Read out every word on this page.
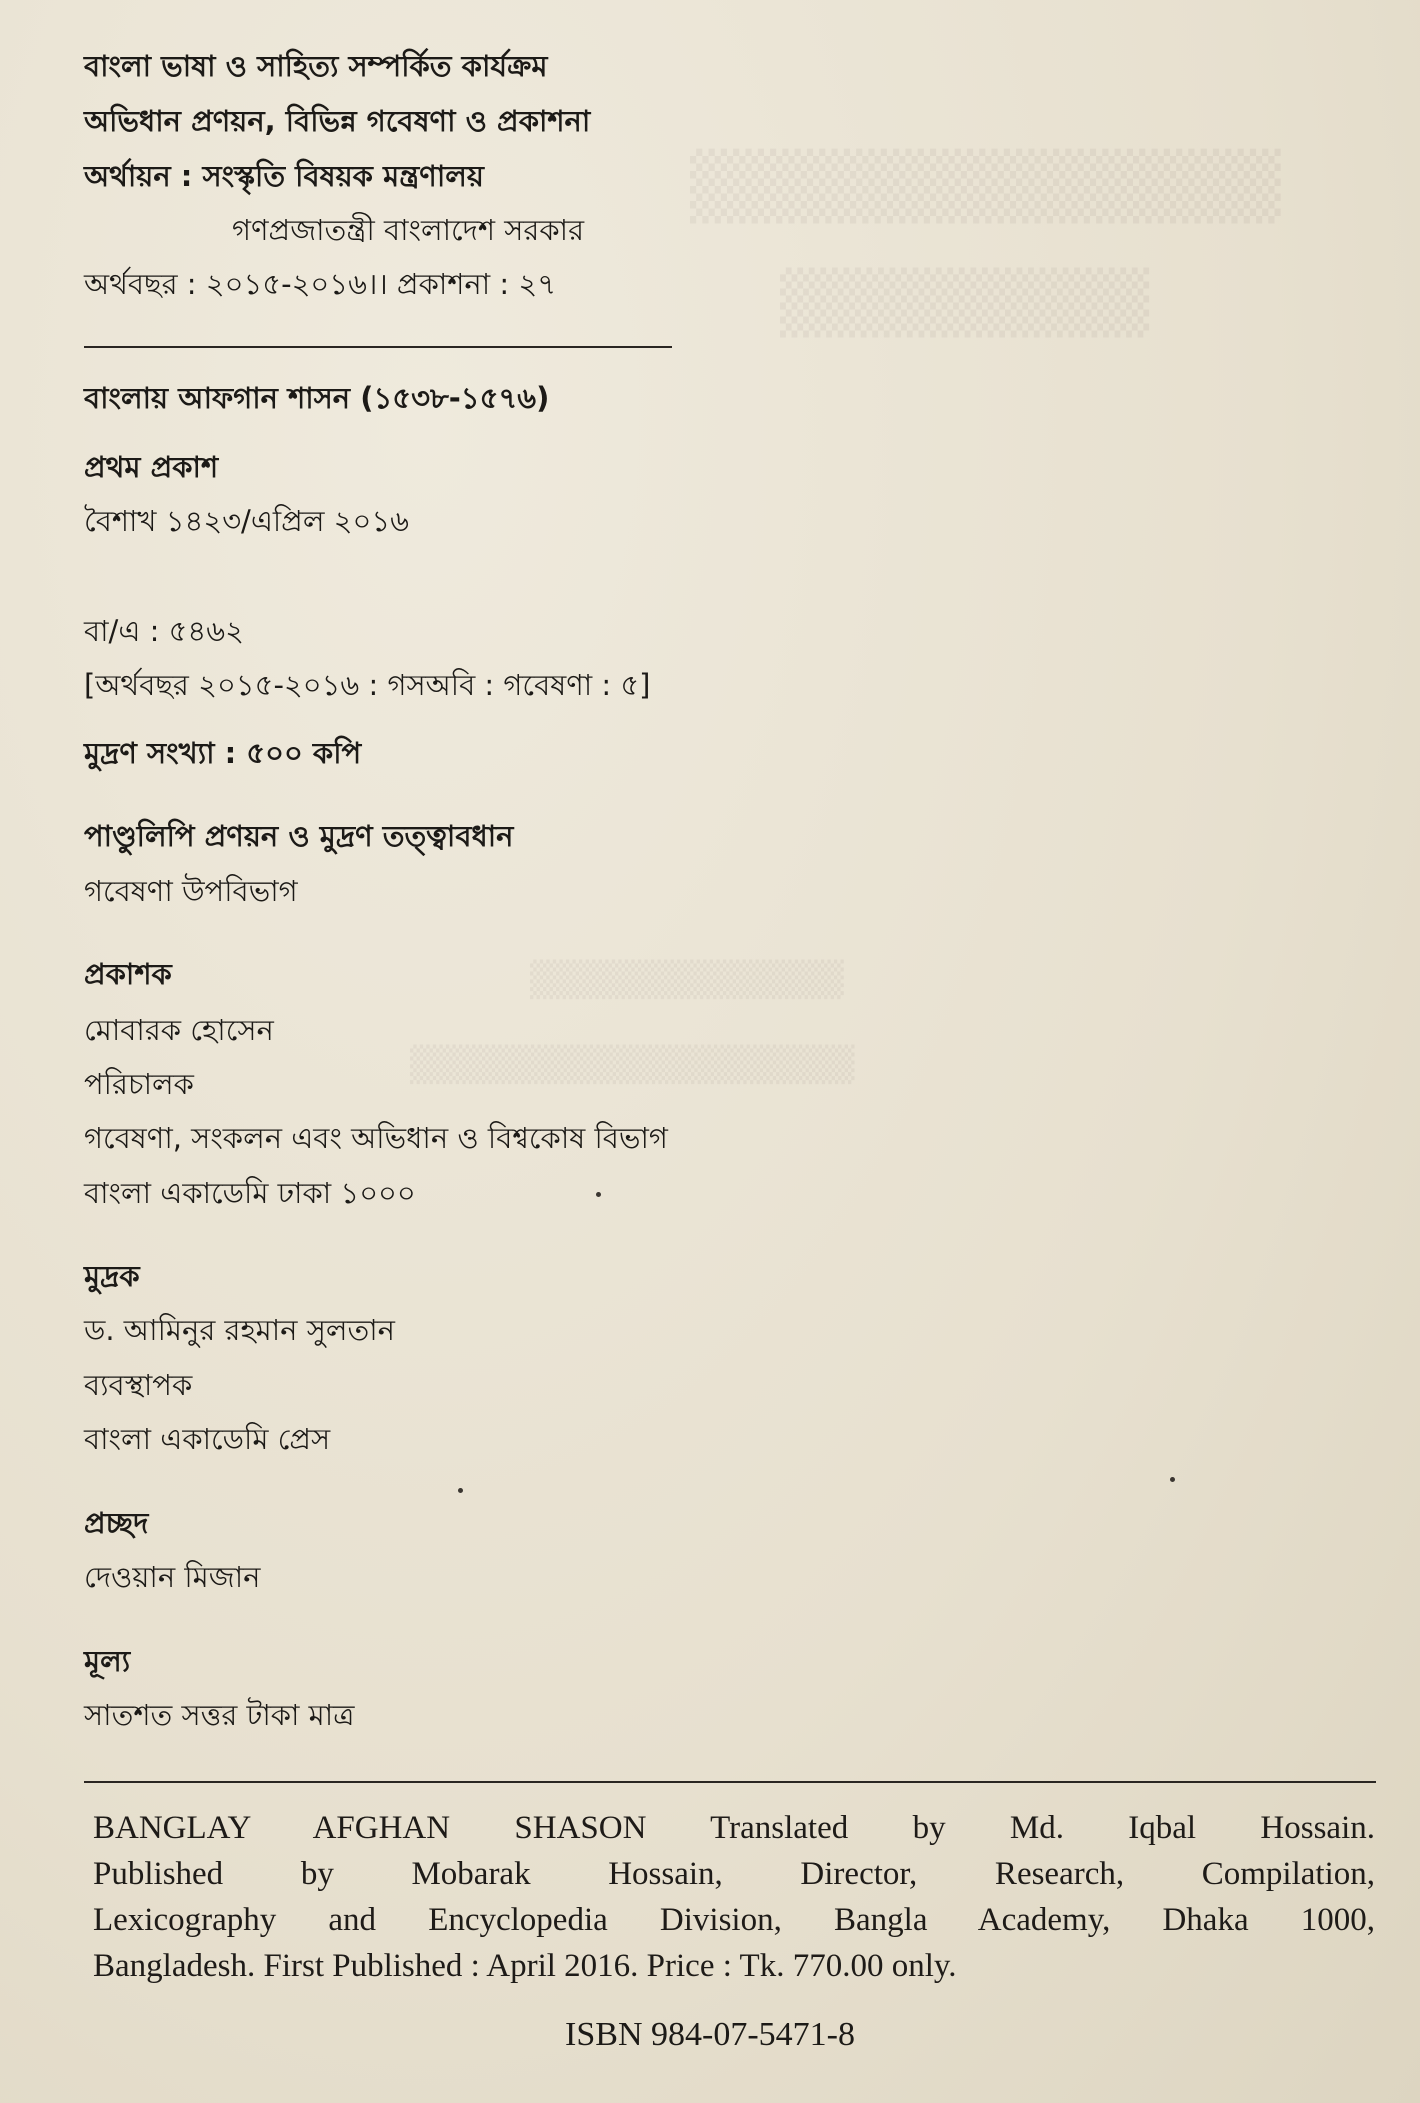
▒▒▒▒▒▒▒▒▒▒▒▒
▒▒▒▒▒▒▒▒
▒▒▒▒▒▒▒▒▒▒▒▒
▒▒▒▒▒▒▒▒▒▒▒▒▒▒▒▒▒
বাংলা ভাষা ও সাহিত্য সম্পর্কিত কার্যক্রম
অভিধান প্রণয়ন, বিভিন্ন গবেষণা ও প্রকাশনা
অর্থায়ন : সংস্কৃতি বিষয়ক মন্ত্রণালয়
গণপ্রজাতন্ত্রী বাংলাদেশ সরকার
অর্থবছর : ২০১৫-২০১৬।। প্রকাশনা : ২৭
বাংলায় আফগান শাসন (১৫৩৮-১৫৭৬)
প্রথম প্রকাশ
বৈশাখ ১৪২৩/এপ্রিল ২০১৬
বা/এ : ৫৪৬২
[অর্থবছর ২০১৫-২০১৬ : গসঅবি : গবেষণা : ৫]
মুদ্রণ সংখ্যা : ৫০০ কপি
পাণ্ডুলিপি প্রণয়ন ও মুদ্রণ তত্ত্বাবধান
গবেষণা উপবিভাগ
প্রকাশক
মোবারক হোসেন
পরিচালক
গবেষণা, সংকলন এবং অভিধান ও বিশ্বকোষ বিভাগ
বাংলা একাডেমি ঢাকা ১০০০
মুদ্রক
ড. আমিনুর রহমান সুলতান
ব্যবস্থাপক
বাংলা একাডেমি প্রেস
প্রচ্ছদ
দেওয়ান মিজান
মূল্য
সাতশত সত্তর টাকা মাত্র
BANGLAY AFGHAN SHASON Translated by Md. Iqbal Hossain.
Published by Mobarak Hossain, Director, Research, Compilation,
Lexicography and Encyclopedia Division, Bangla Academy, Dhaka 1000,
Bangladesh. First Published : April 2016. Price : Tk. 770.00 only.
ISBN 984-07-5471-8
